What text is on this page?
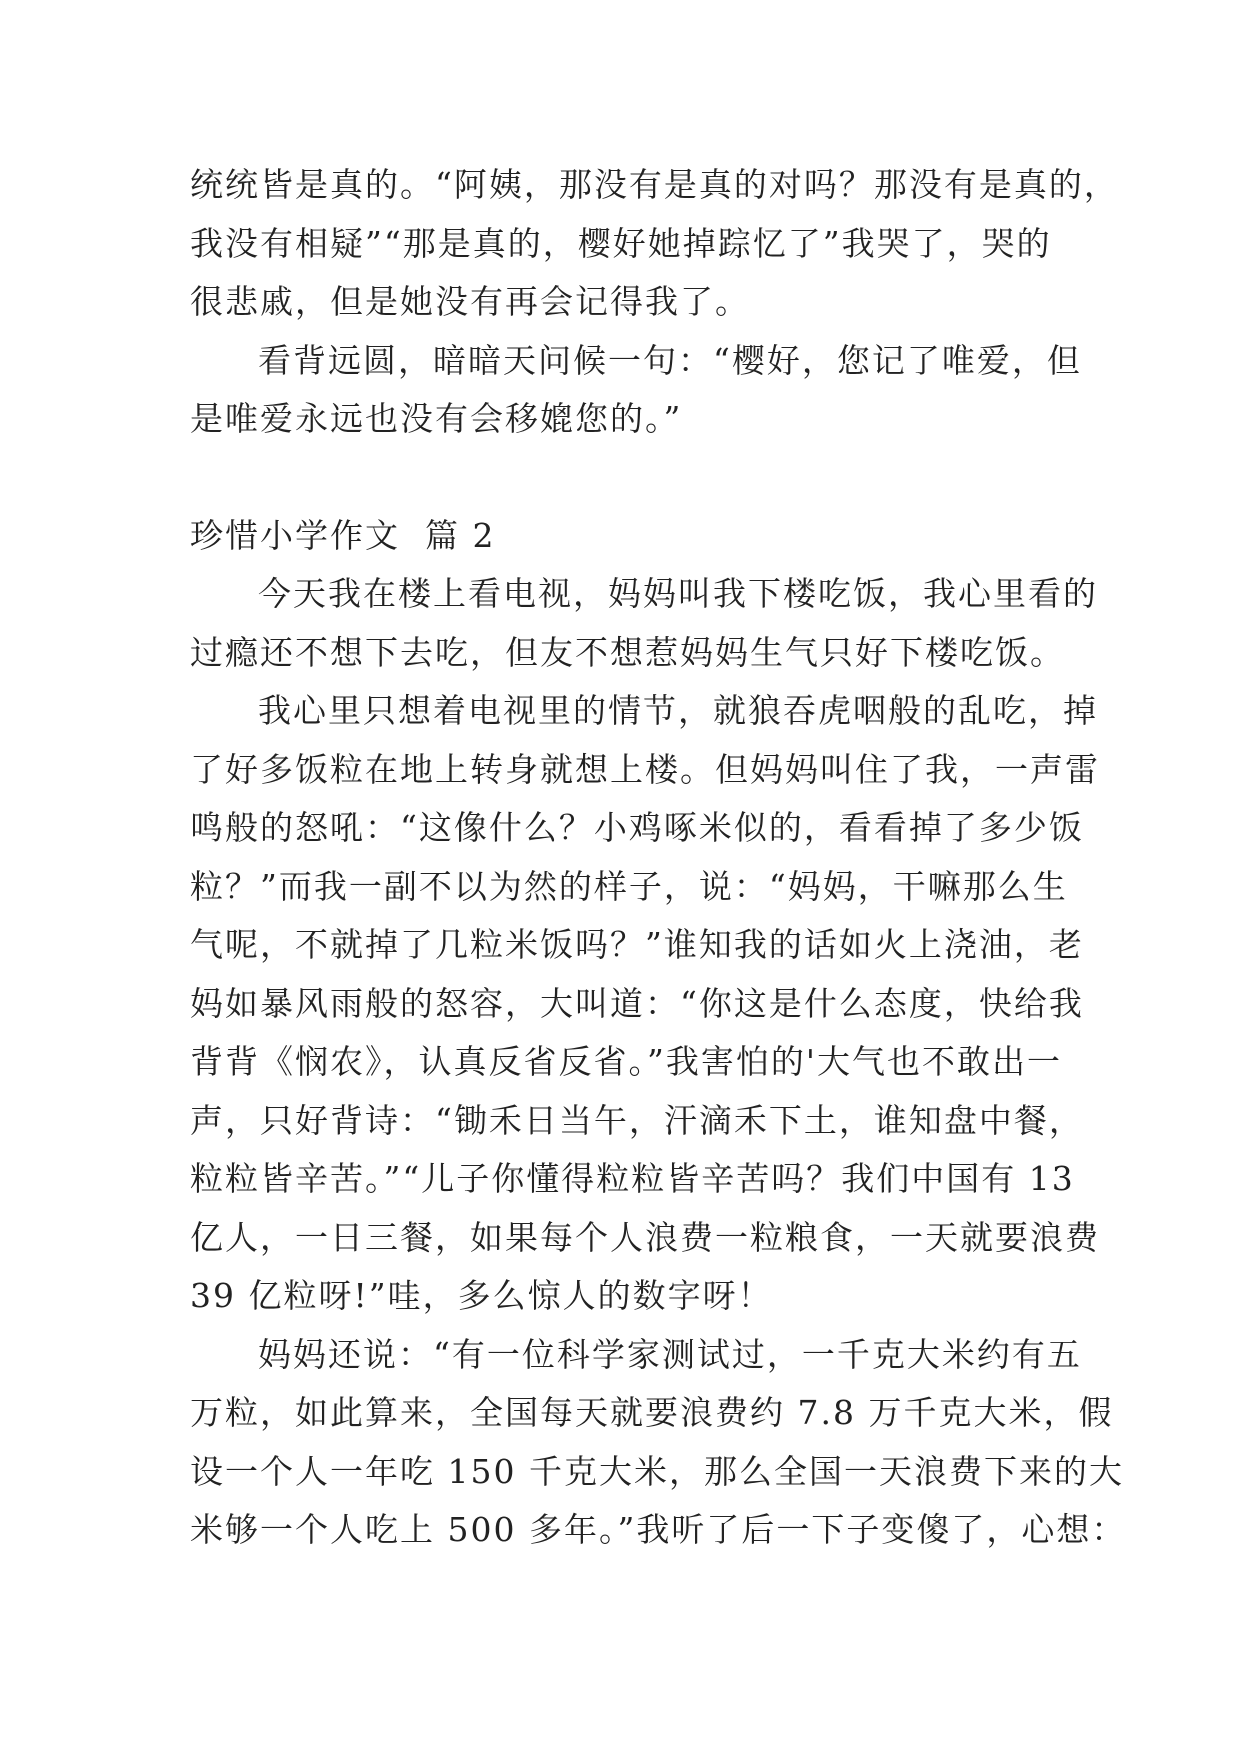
统统皆是真的。“阿姨，那没有是真的对吗？那没有是真的，
我没有相疑”“那是真的，樱好她掉踪忆了”我哭了，哭的
很悲戚，但是她没有再会记得我了。
看背远圆，暗暗天问候一句：“樱好，您记了唯爱，但
是唯爱永远也没有会移媲您的。”
珍惜小学作文  篇 2
今天我在楼上看电视，妈妈叫我下楼吃饭，我心里看的
过瘾还不想下去吃，但友不想惹妈妈生气只好下楼吃饭。
我心里只想着电视里的情节，就狼吞虎咽般的乱吃，掉
了好多饭粒在地上转身就想上楼。但妈妈叫住了我，一声雷
鸣般的怒吼：“这像什么？小鸡啄米似的，看看掉了多少饭
粒？”而我一副不以为然的样子，说：“妈妈，干嘛那么生
气呢，不就掉了几粒米饭吗？”谁知我的话如火上浇油，老
妈如暴风雨般的怒容，大叫道：“你这是什么态度，快给我
背背《悯农》，认真反省反省。”我害怕的'大气也不敢出一
声，只好背诗：“锄禾日当午，汗滴禾下土，谁知盘中餐，
粒粒皆辛苦。”“儿子你懂得粒粒皆辛苦吗？我们中国有 13
亿人，一日三餐，如果每个人浪费一粒粮食，一天就要浪费
39 亿粒呀!”哇，多么惊人的数字呀！
妈妈还说：“有一位科学家测试过，一千克大米约有五
万粒，如此算来，全国每天就要浪费约 7.8 万千克大米，假
设一个人一年吃 150 千克大米，那么全国一天浪费下来的大
米够一个人吃上 500 多年。”我听了后一下子变傻了，心想：
